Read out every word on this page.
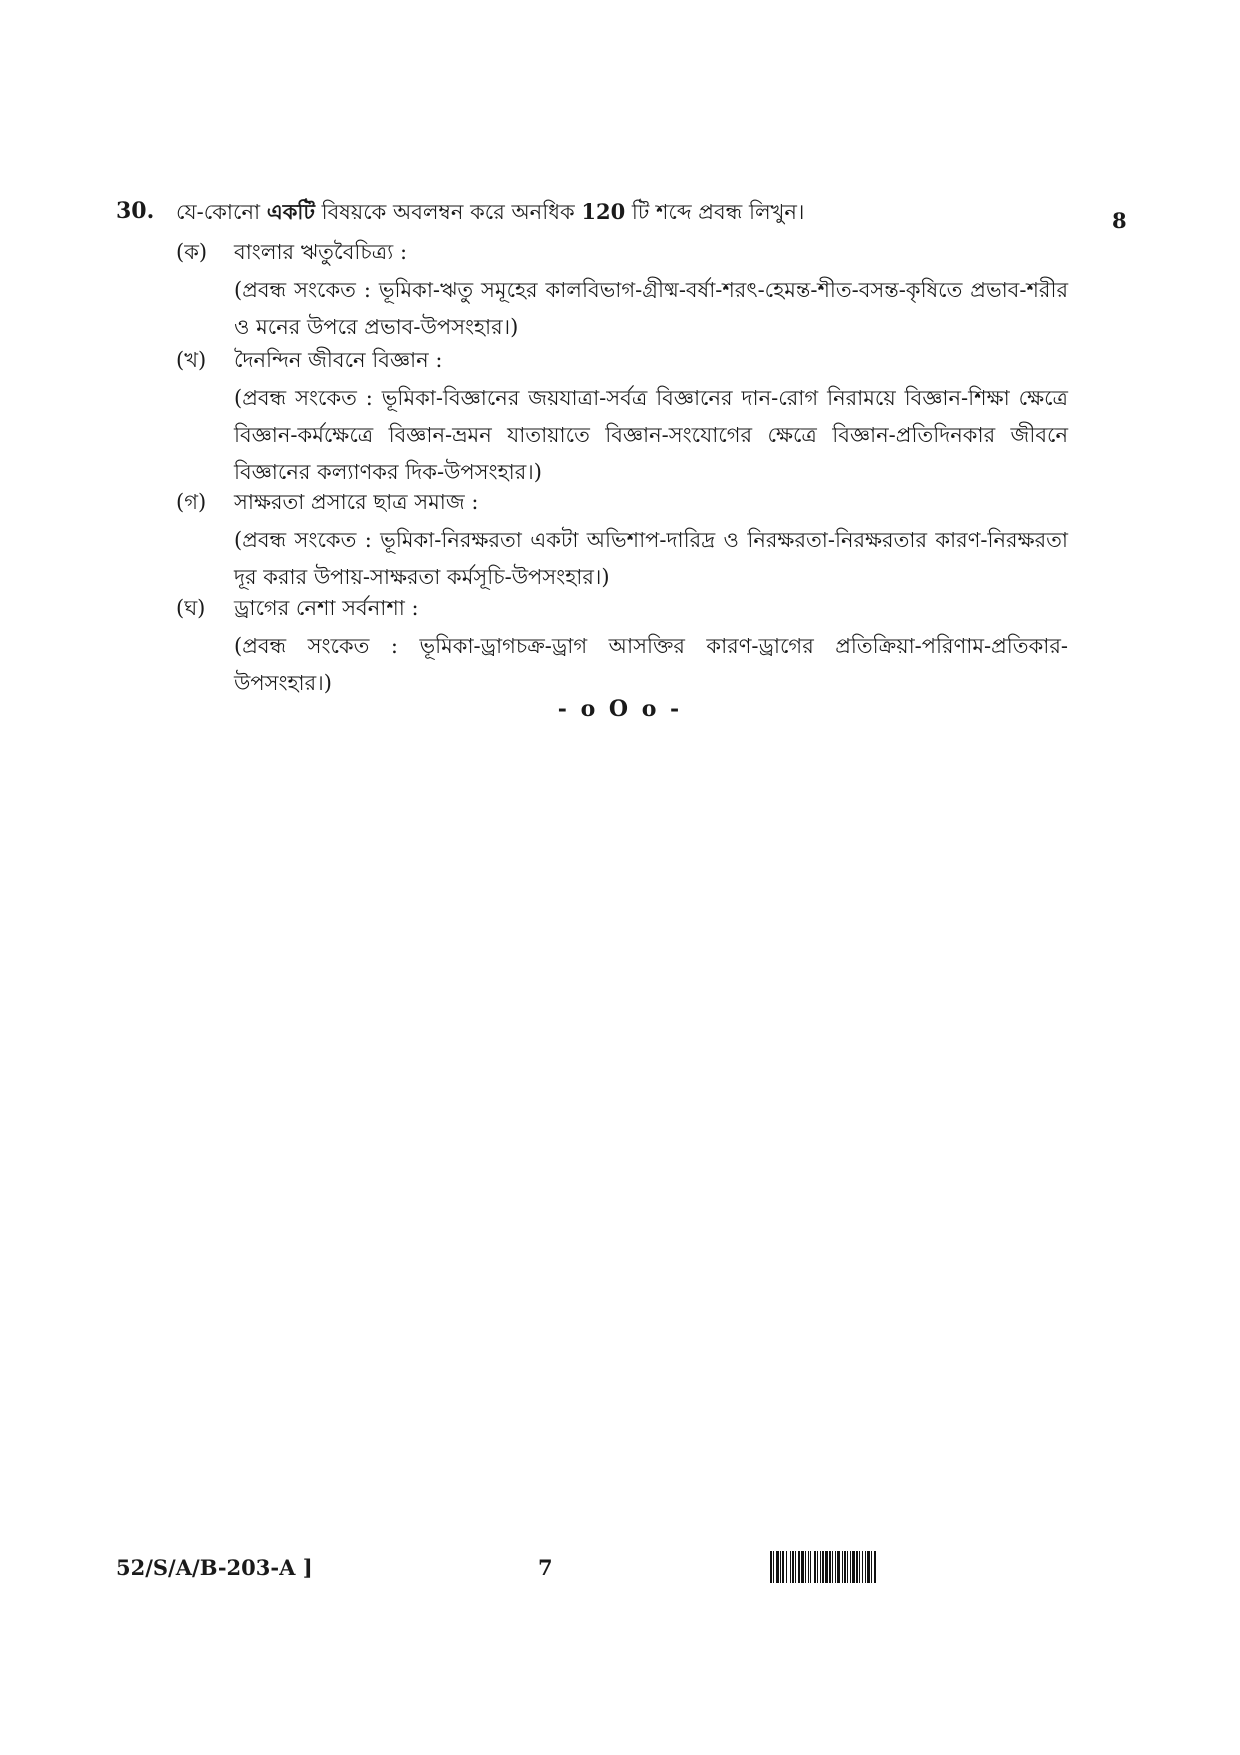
30. যে-কোনো একটি বিষয়কে অবলম্বন করে অনধিক 120 টি শব্দে প্রবন্ধ লিখুন।	8
(ক) বাংলার ঋতুবৈচিত্র্য :
(প্রবন্ধ সংকেত : ভূমিকা-ঋতু সমূহের কালবিভাগ-গ্রীষ্ম-বর্ষা-শরৎ-হেমন্ত-শীত-বসন্ত-কৃষিতে প্রভাব-শরীর ও মনের উপরে প্রভাব-উপসংহার।)
(খ) দৈনন্দিন জীবনে বিজ্ঞান :
(প্রবন্ধ সংকেত : ভূমিকা-বিজ্ঞানের জয়যাত্রা-সর্বত্র বিজ্ঞানের দান-রোগ নিরাময়ে বিজ্ঞান-শিক্ষা ক্ষেত্রে বিজ্ঞান-কর্মক্ষেত্রে বিজ্ঞান-ভ্রমন যাতায়াতে বিজ্ঞান-সংযোগের ক্ষেত্রে বিজ্ঞান-প্রতিদিনকার জীবনে বিজ্ঞানের কল্যাণকর দিক-উপসংহার।)
(গ) সাক্ষরতা প্রসারে ছাত্র সমাজ :
(প্রবন্ধ সংকেত : ভূমিকা-নিরক্ষরতা একটা অভিশাপ-দারিদ্র ও নিরক্ষরতা-নিরক্ষরতার কারণ-নিরক্ষরতা দূর করার উপায়-সাক্ষরতা কর্মসূচি-উপসংহার।)
(ঘ) ড্রাগের নেশা সর্বনাশা :
(প্রবন্ধ সংকেত : ভূমিকা-ড্রাগচক্র-ড্রাগ আসক্তির কারণ-ড্রাগের প্রতিক্রিয়া-পরিণাম-প্রতিকার-উপসংহার।)
- o O o -
52/S/A/B-203-A ]	7
